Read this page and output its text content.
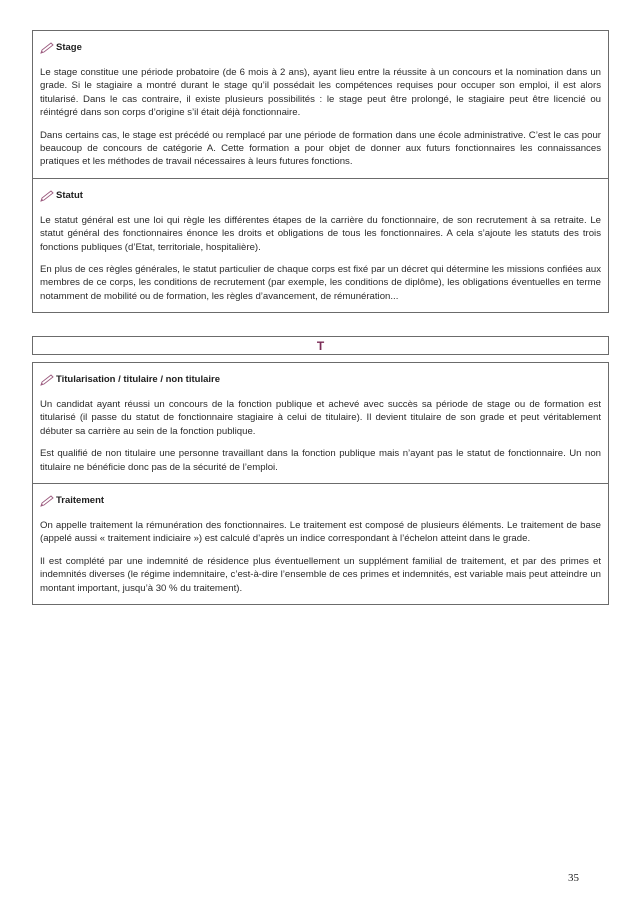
Stage

Le stage constitue une période probatoire (de 6 mois à 2 ans), ayant lieu entre la réussite à un concours et la nomination dans un grade. Si le stagiaire a montré durant le stage qu’il possédait les compétences requises pour occuper son emploi, il est alors titularisé. Dans le cas contraire, il existe plusieurs possibilités : le stage peut être prolongé, le stagiaire peut être licencié ou réintégré dans son corps d’origine s’il était déjà fonctionnaire.

Dans certains cas, le stage est précédé ou remplacé par une période de formation dans une école administrative. C’est le cas pour beaucoup de concours de catégorie A. Cette formation a pour objet de donner aux futurs fonctionnaires les connaissances pratiques et les méthodes de travail nécessaires à leurs futures fonctions.

Statut

Le statut général est une loi qui règle les différentes étapes de la carrière du fonctionnaire, de son recrutement à sa retraite. Le statut général des fonctionnaires énonce les droits et obligations de tous les fonctionnaires. A cela s’ajoute les statuts des trois fonctions publiques (d’Etat, territoriale, hospitalière).

En plus de ces règles générales, le statut particulier de chaque corps est fixé par un décret qui détermine les missions confiées aux membres de ce corps, les conditions de recrutement (par exemple, les conditions de diplôme), les obligations éventuelles en terme notamment de mobilité ou de formation, les règles d’avancement, de rémunération...

T
Titularisation / titulaire / non titulaire

Un candidat ayant réussi un concours de la fonction publique et achevé avec succès sa période de stage ou de formation est titularisé (il passe du statut de fonctionnaire stagiaire à celui de titulaire). Il devient titulaire de son grade et peut véritablement débuter sa carrière au sein de la fonction publique.

Est qualifié de non titulaire une personne travaillant dans la fonction publique mais n’ayant pas le statut de fonctionnaire. Un non titulaire ne bénéficie donc pas de la sécurité de l’emploi.

Traitement

On appelle traitement la rémunération des fonctionnaires. Le traitement est composé de plusieurs éléments. Le traitement de base (appelé aussi « traitement indiciaire ») est calculé d’après un indice correspondant à l’échelon atteint dans le grade.

Il est complété par une indemnité de résidence plus éventuellement un supplément familial de traitement, et par des primes et indemnités diverses (le régime indemnitaire, c’est-à-dire l’ensemble de ces primes et indemnités, est variable mais peut atteindre un montant important, jusqu’à 30 % du traitement).

35
